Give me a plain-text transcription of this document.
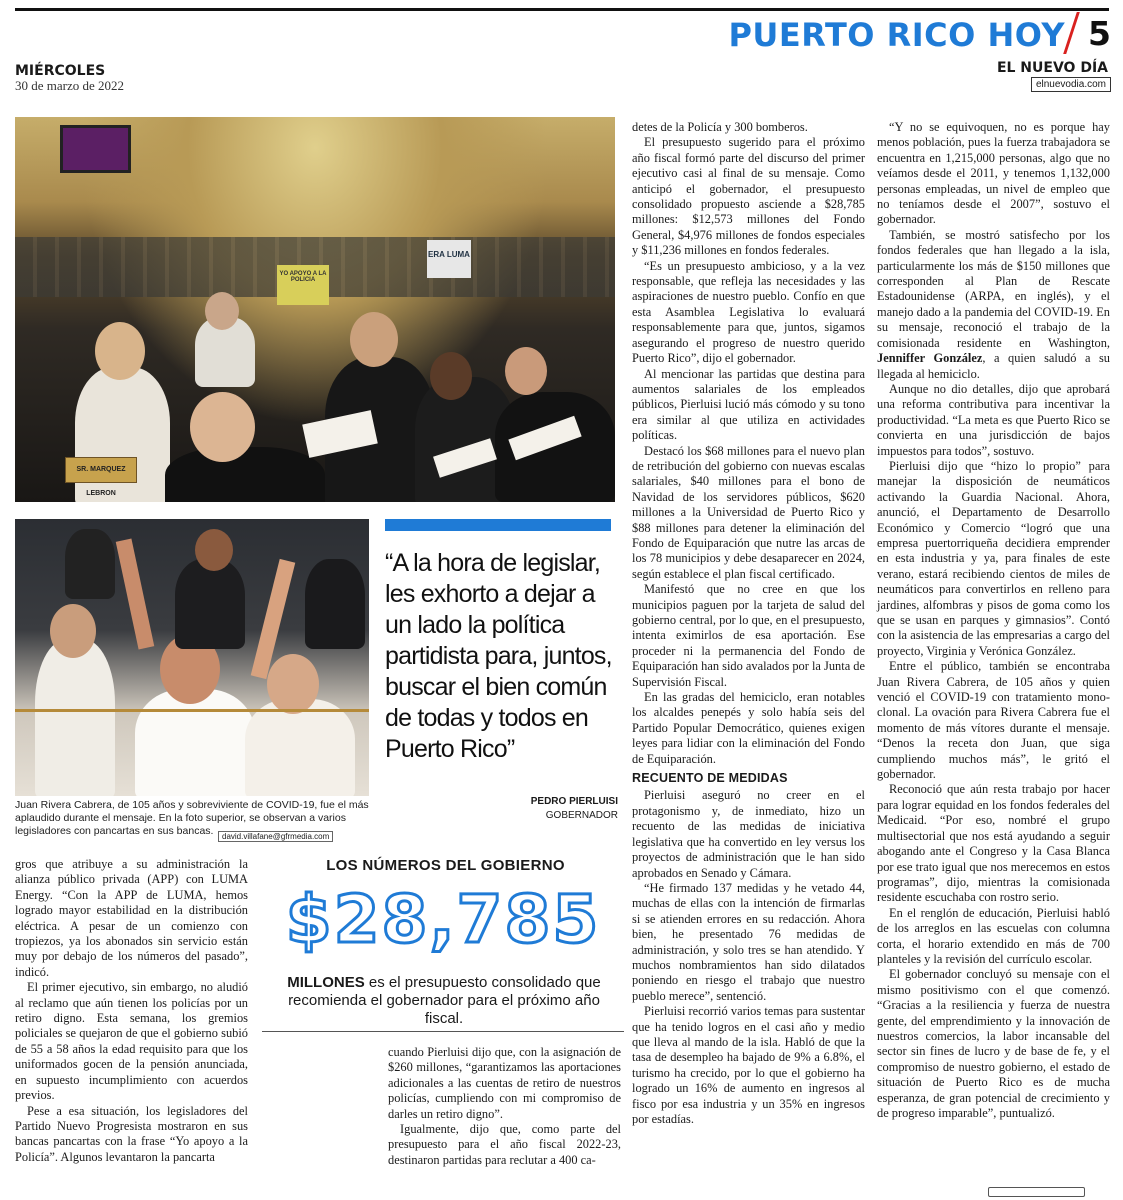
PUERTO RICO HOY 5
MIÉRCOLES
30 de marzo de 2022
EL NUEVO DÍA
elnuevodia.com
SR. MARQUEZ LEBRON
YO APOYO A LA POLICIA
ERA LUMA
Juan Rivera Cabrera, de 105 años y sobreviviente de COVID-19, fue el más aplaudido durante el mensaje. En la foto superior, se observan a varios legisladores con pancartas en sus bancas.	david.villafane@gfrmedia.com
“A la hora de legislar, les exhorto a dejar a un lado la política partidista para, juntos, buscar el bien común de todas y todos en Puerto Rico”
PEDRO PIERLUISI
GOBERNADOR
LOS NÚMEROS DEL GOBIERNO
$28,785
MILLONES es el presupuesto consolidado que recomienda el gobernador para el próximo año fiscal.

gros que atribuye a su administración la alianza público privada (APP) con LUMA Energy. “Con la APP de LUMA, hemos logrado mayor estabilidad en la distribución eléctrica. A pesar de un comienzo con tropiezos, ya los abonados sin servicio están muy por debajo de los números del pasado”, indicó.

El primer ejecutivo, sin embargo, no aludió al reclamo que aún tienen los policías por un retiro digno. Esta semana, los gremios policiales se quejaron de que el gobierno subió de 55 a 58 años la edad requisito para que los uniformados gocen de la pensión anunciada, en supuesto incumplimiento con acuerdos previos.

Pese a esa situación, los legisladores del Partido Nuevo Progresista mostraron en sus bancas pancartas con la frase “Yo apoyo a la Policía”. Algunos levantaron la pancarta

cuando Pierluisi dijo que, con la asignación de $260 millones, “garantizamos las aportaciones adicionales a las cuentas de retiro de nuestros policías, cumpliendo con mi compromiso de darles un retiro digno”.

Igualmente, dijo que, como parte del presupuesto para el año fiscal 2022-23, destinaron partidas para reclutar a 400 ca-

detes de la Policía y 300 bomberos.

El presupuesto sugerido para el próximo año fiscal formó parte del discurso del primer ejecutivo casi al final de su mensaje. Como anticipó el gobernador, el presupuesto consolidado propuesto asciende a $28,785 millones: $12,573 millones del Fondo General, $4,976 millones de fondos especiales y $11,236 millones en fondos federales.

“Es un presupuesto ambicioso, y a la vez responsable, que refleja las necesidades y las aspiraciones de nuestro pueblo. Confío en que esta Asamblea Legislativa lo evaluará responsablemente para que, juntos, sigamos asegurando el progreso de nuestro querido Puerto Rico”, dijo el gobernador.

Al mencionar las partidas que destina para aumentos salariales de los empleados públicos, Pierluisi lució más cómodo y su tono era similar al que utiliza en actividades políticas.

Destacó los $68 millones para el nuevo plan de retribución del gobierno con nuevas escalas salariales, $40 millones para el bono de Navidad de los servidores públicos, $620 millones a la Universidad de Puerto Rico y $88 millones para detener la eliminación del Fondo de Equiparación que nutre las arcas de los 78 municipios y debe desaparecer en 2024, según establece el plan fiscal certificado.

Manifestó que no cree en que los municipios paguen por la tarjeta de salud del gobierno central, por lo que, en el presupuesto, intenta eximirlos de esa aportación. Ese proceder ni la permanencia del Fondo de Equiparación han sido avalados por la Junta de Supervisión Fiscal.

En las gradas del hemiciclo, eran notables los alcaldes penepés y solo había seis del Partido Popular Democrático, quienes exigen leyes para lidiar con la eliminación del Fondo de Equiparación.

RECUENTO DE MEDIDAS

Pierluisi aseguró no creer en el protagonismo y, de inmediato, hizo un recuento de las medidas de iniciativa legislativa que ha convertido en ley versus los proyectos de administración que le han sido aprobados en Senado y Cámara.

“He firmado 137 medidas y he vetado 44, muchas de ellas con la intención de firmarlas si se atienden errores en su redacción. Ahora bien, he presentado 76 medidas de administración, y solo tres se han atendido. Y muchos nombramientos han sido dilatados poniendo en riesgo el trabajo que nuestro pueblo merece”, sentenció.

Pierluisi recorrió varios temas para sustentar que ha tenido logros en el casi año y medio que lleva al mando de la isla. Habló de que la tasa de desempleo ha bajado de 9% a 6.8%, el turismo ha crecido, por lo que el gobierno ha logrado un 16% de aumento en ingresos al fisco por esa industria y un 35% en ingresos por estadías.

“Y no se equivoquen, no es porque hay menos población, pues la fuerza trabajadora se encuentra en 1,215,000 personas, algo que no veíamos desde el 2011, y tenemos 1,132,000 personas empleadas, un nivel de empleo que no teníamos desde el 2007”, sostuvo el gobernador.

También, se mostró satisfecho por los fondos federales que han llegado a la isla, particularmente los más de $150 millones que corresponden al Plan de Rescate Estadounidense (ARPA, en inglés), y el manejo dado a la pandemia del COVID-19. En su mensaje, reconoció el trabajo de la comisionada residente en Washington, Jenniffer González, a quien saludó a su llegada al hemiciclo.

Aunque no dio detalles, dijo que aprobará una reforma contributiva para incentivar la productividad. “La meta es que Puerto Rico se convierta en una jurisdicción de bajos impuestos para todos”, sostuvo.

Pierluisi dijo que “hizo lo propio” para manejar la disposición de neumáticos activando la Guardia Nacional. Ahora, anunció, el Departamento de Desarrollo Económico y Comercio “logró que una empresa puertorriqueña decidiera emprender en esta industria y ya, para finales de este verano, estará recibiendo cientos de miles de neumáticos para convertirlos en relleno para jardines, alfombras y pisos de goma como los que se usan en parques y gimnasios”. Contó con la asistencia de las empresarias a cargo del proyecto, Virginia y Verónica González.

Entre el público, también se encontraba Juan Rivera Cabrera, de 105 años y quien venció el COVID-19 con tratamiento monoclonal. La ovación para Rivera Cabrera fue el momento de más vítores durante el mensaje. “Denos la receta don Juan, que siga cumpliendo muchos más”, le gritó el gobernador.

Reconoció que aún resta trabajo por hacer para lograr equidad en los fondos federales del Medicaid. “Por eso, nombré el grupo multisectorial que nos está ayudando a seguir abogando ante el Congreso y la Casa Blanca por ese trato igual que nos merecemos en estos programas”, dijo, mientras la comisionada residente escuchaba con rostro serio.

En el renglón de educación, Pierluisi habló de los arreglos en las escuelas con columna corta, el horario extendido en más de 700 planteles y la revisión del currículo escolar.

El gobernador concluyó su mensaje con el mismo positivismo con el que comenzó. “Gracias a la resiliencia y fuerza de nuestra gente, del emprendimiento y la innovación de nuestros comercios, la labor incansable del sector sin fines de lucro y de base de fe, y el compromiso de nuestro gobierno, el estado de situación de Puerto Rico es de mucha esperanza, de gran potencial de crecimiento y de progreso imparable”, puntualizó.
